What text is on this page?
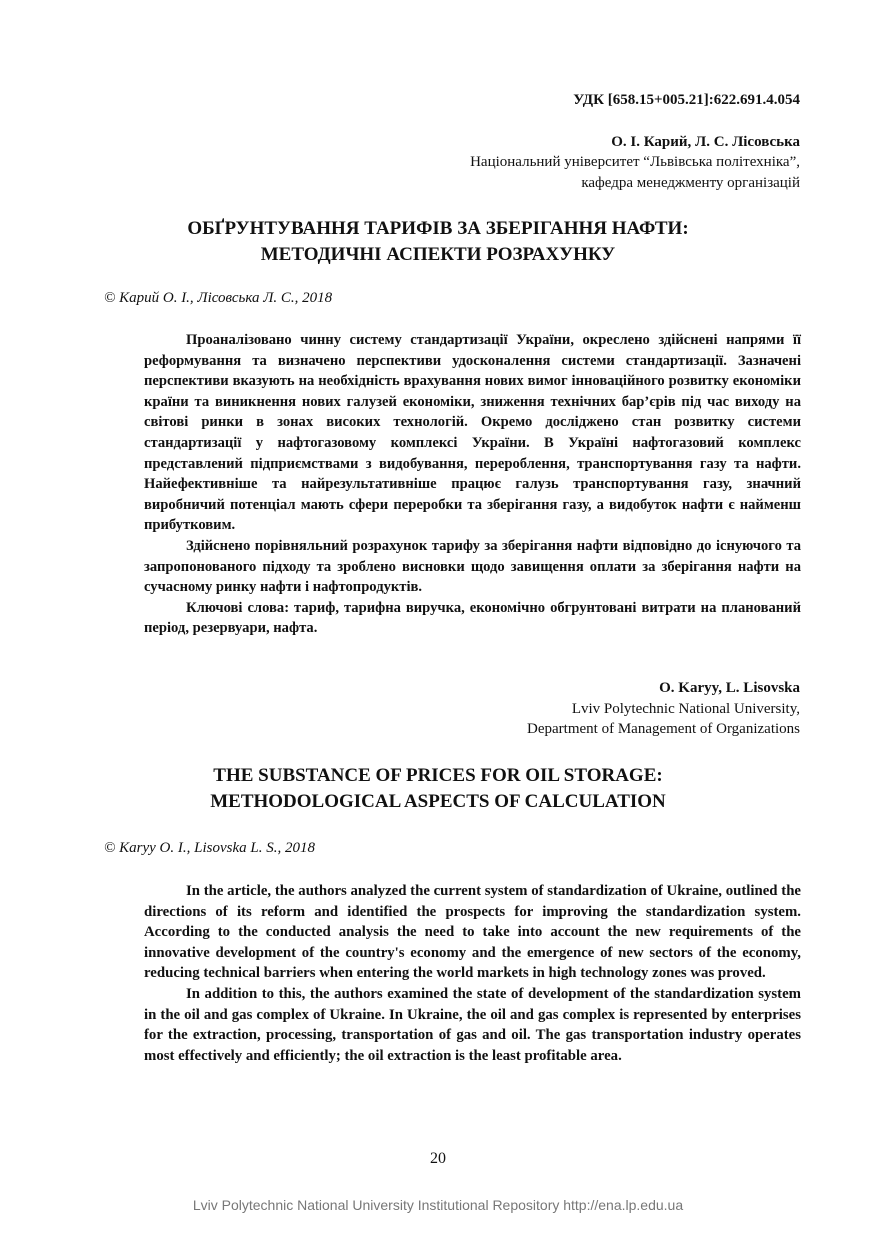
УДК [658.15+005.21]:622.691.4.054
О. І. Карий, Л. С. Лісовська
Національний університет “Львівська політехніка”,
кафедра менеджменту організацій
ОБҐРУНТУВАННЯ ТАРИФІВ ЗА ЗБЕРІГАННЯ НАФТИ:
МЕТОДИЧНІ АСПЕКТИ РОЗРАХУНКУ
© Карий О. І., Лісовська Л. С., 2018

Проаналізовано чинну систему стандартизації України, окреслено здійснені напрями її реформування та визначено перспективи удосконалення системи стандартизації. Зазначені перспективи вказують на необхідність врахування нових вимог інноваційного розвитку економіки країни та виникнення нових галузей економіки, зниження технічних бар’єрів під час виходу на світові ринки в зонах високих технологій. Окремо досліджено стан розвитку системи стандартизації у нафтогазовому комплексі України. В Україні нафтогазовий комплекс представлений підприємствами з видобування, перероблення, транспортування газу та нафти. Найефективніше та найрезультативніше працює галузь транспортування газу, значний виробничий потенціал мають сфери переробки та зберігання газу, а видобуток нафти є найменш прибутковим.

Здійснено порівняльний розрахунок тарифу за зберігання нафти відповідно до існуючого та запропонованого підходу та зроблено висновки щодо завищення оплати за зберігання нафти на сучасному ринку нафти і нафтопродуктів.

Ключові слова: тариф, тарифна виручка, економічно обгрунтовані витрати на планований період, резервуари, нафта.

O. Karyy, L. Lisovska
Lviv Polytechnic National University,
Department of Management of Organizations
THE SUBSTANCE OF PRICES FOR OIL STORAGE:
METHODOLOGICAL ASPECTS OF CALCULATION
© Karyy O. I., Lisovska L. S., 2018

In the article, the authors analyzed the current system of standardization of Ukraine, outlined the directions of its reform and identified the prospects for improving the standardization system. According to the conducted analysis the need to take into account the new requirements of the innovative development of the country's economy and the emergence of new sectors of the economy, reducing technical barriers when entering the world markets in high technology zones was proved.

In addition to this, the authors examined the state of development of the standardization system in the oil and gas complex of Ukraine. In Ukraine, the oil and gas complex is represented by enterprises for the extraction, processing, transportation of gas and oil. The gas transportation industry operates most effectively and efficiently; the oil extraction is the least profitable area.

20
Lviv Polytechnic National University Institutional Repository http://ena.lp.edu.ua
